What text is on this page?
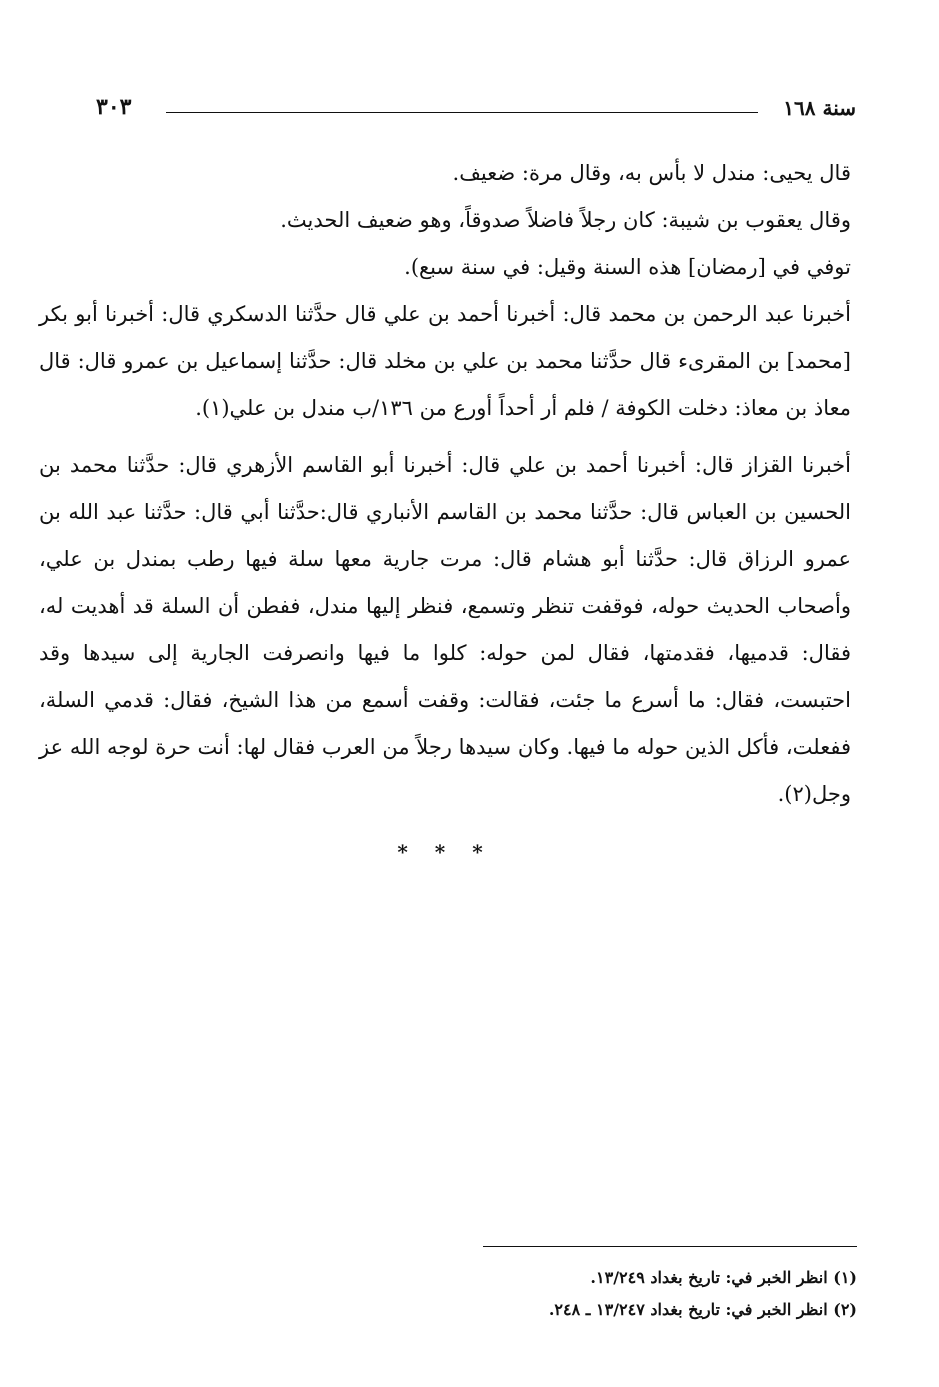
سنة ١٦٨
٣٠٣

قال يحيى: مندل لا بأس به، وقال مرة: ضعيف.

وقال يعقوب بن شيبة: كان رجلاً فاضلاً صدوقاً، وهو ضعيف الحديث.

توفي في [رمضان] هذه السنة وقيل: في سنة سبع).

أخبرنا عبد الرحمن بن محمد قال: أخبرنا أحمد بن علي قال حدَّثنا الدسكري قال: أخبرنا أبو بكر [محمد] بن المقرىء قال حدَّثنا محمد بن علي بن مخلد قال: حدَّثنا إسماعيل بن عمرو قال: قال معاذ بن معاذ: دخلت الكوفة / فلم أر أحداً أورع من ١٣٦/ب مندل بن علي(١).

أخبرنا القزاز قال: أخبرنا أحمد بن علي قال: أخبرنا أبو القاسم الأزهري قال: حدَّثنا محمد بن الحسين بن العباس قال: حدَّثنا محمد بن القاسم الأنباري قال:حدَّثنا أبي قال: حدَّثنا عبد الله بن عمرو الرزاق قال: حدَّثنا أبو هشام قال: مرت جارية معها سلة فيها رطب بمندل بن علي، وأصحاب الحديث حوله، فوقفت تنظر وتسمع، فنظر إليها مندل، ففطن أن السلة قد أهديت له، فقال: قدميها، فقدمتها، فقال لمن حوله: كلوا ما فيها وانصرفت الجارية إلى سيدها وقد احتبست، فقال: ما أسرع ما جئت، فقالت: وقفت أسمع من هذا الشيخ، فقال: قدمي السلة، ففعلت، فأكل الذين حوله ما فيها. وكان سيدها رجلاً من العرب فقال لها: أنت حرة لوجه الله عز وجل(٢).

* * *

(١) انظر الخبر في: تاريخ بغداد ١٣/٢٤٩.

(٢) انظر الخبر في: تاريخ بغداد ١٣/٢٤٧ ـ ٢٤٨.
